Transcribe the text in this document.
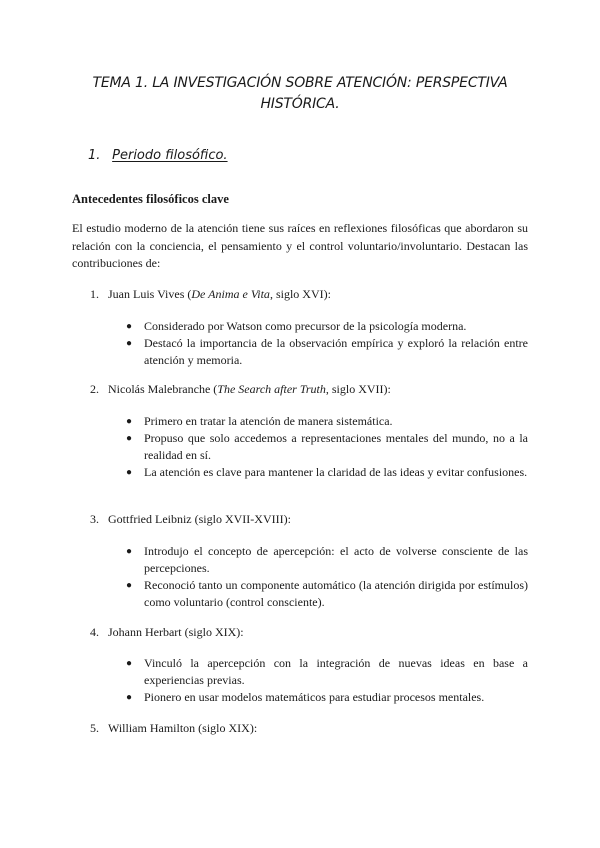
TEMA 1. LA INVESTIGACIÓN SOBRE ATENCIÓN: PERSPECTIVA HISTÓRICA.
1. Periodo filosófico.
Antecedentes filosóficos clave
El estudio moderno de la atención tiene sus raíces en reflexiones filosóficas que abordaron su relación con la conciencia, el pensamiento y el control voluntario/involuntario. Destacan las contribuciones de:
1. Juan Luis Vives (De Anima e Vita, siglo XVI):
● Considerado por Watson como precursor de la psicología moderna.
● Destacó la importancia de la observación empírica y exploró la relación entre atención y memoria.
2. Nicolás Malebranche (The Search after Truth, siglo XVII):
● Primero en tratar la atención de manera sistemática.
● Propuso que solo accedemos a representaciones mentales del mundo, no a la realidad en sí.
● La atención es clave para mantener la claridad de las ideas y evitar confusiones.
3. Gottfried Leibniz (siglo XVII-XVIII):
● Introdujo el concepto de apercepción: el acto de volverse consciente de las percepciones.
● Reconoció tanto un componente automático (la atención dirigida por estímulos) como voluntario (control consciente).
4. Johann Herbart (siglo XIX):
● Vinculó la apercepción con la integración de nuevas ideas en base a experiencias previas.
● Pionero en usar modelos matemáticos para estudiar procesos mentales.
5. William Hamilton (siglo XIX):
